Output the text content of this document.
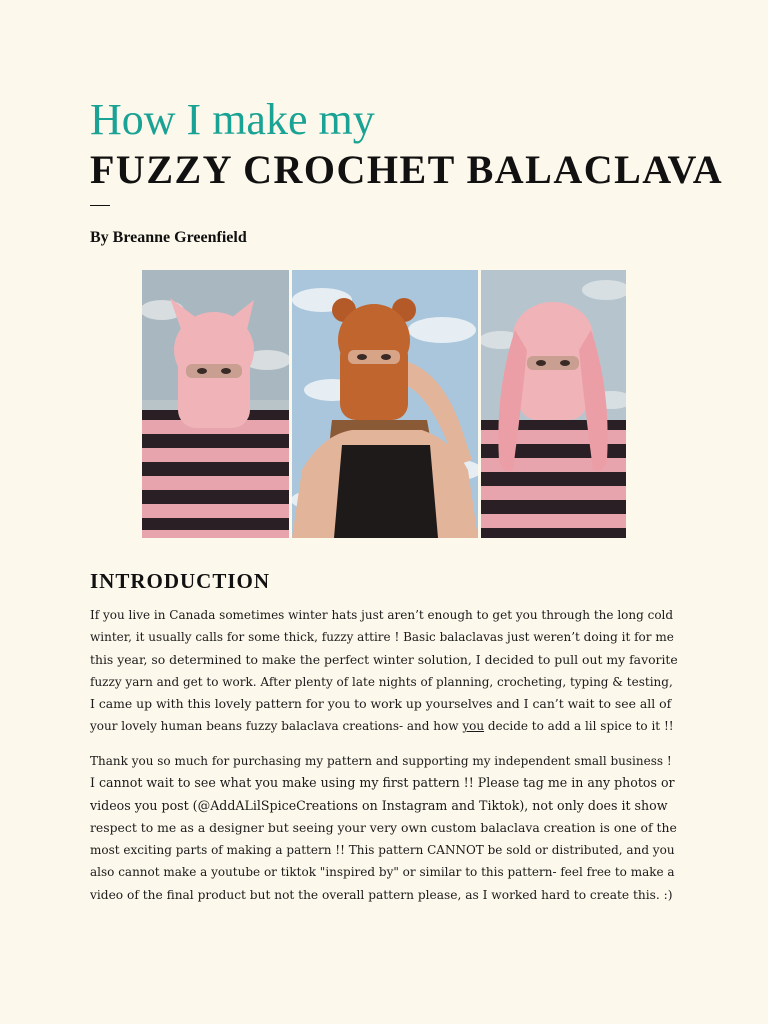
How I make my
FUZZY CROCHET BALACLAVA
By Breanne Greenfield
INTRODUCTION
If you live in Canada sometimes winter hats just aren’t enough to get you through the long cold
winter, it usually calls for some thick, fuzzy attire ! Basic balaclavas just weren’t doing it for me
this year, so determined to make the perfect winter solution, I decided to pull out my favorite
fuzzy yarn and get to work. After plenty of late nights of planning, crocheting, typing & testing,
I came up with this lovely pattern for you to work up yourselves and I can’t wait to see all of
your lovely human beans fuzzy balaclava creations- and how you decide to add a lil spice to it !!
Thank you so much for purchasing my pattern and supporting my independent small business !
I cannot wait to see what you make using my first pattern !! Please tag me in any photos or
videos you post (@AddALilSpiceCreations on Instagram and Tiktok), not only does it show
respect to me as a designer but seeing your very own custom balaclava creation is one of the
most exciting parts of making a pattern !! This pattern CANNOT be sold or distributed, and you
also cannot make a youtube or tiktok "inspired by" or similar to this pattern- feel free to make a
video of the final product but not the overall pattern please, as I worked hard to create this. :)
